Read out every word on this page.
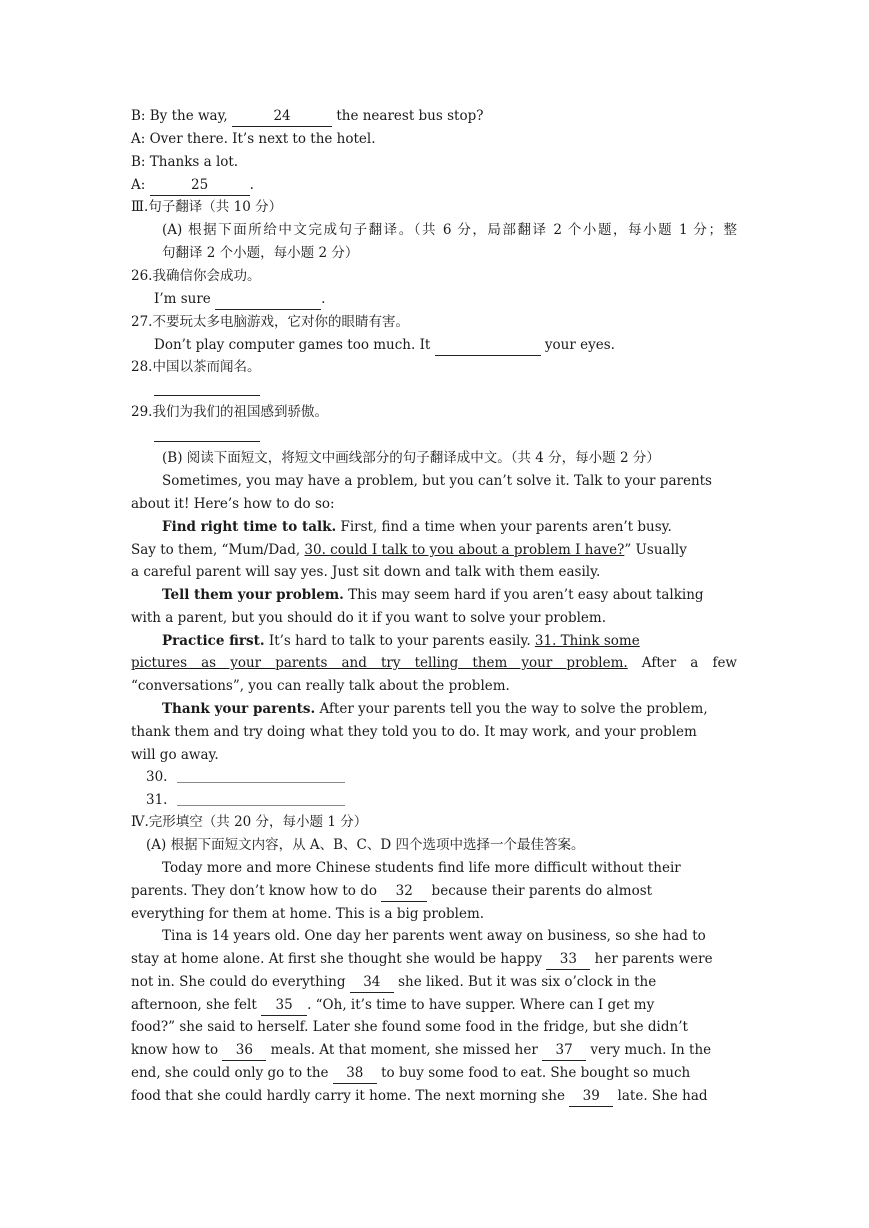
B: By the way,	24	the nearest bus stop?
A: Over there. It’s next to the hotel.
B: Thanks a lot.
A:	25	.
Ⅲ.句子翻译（共 10 分）
(A) 根据下面所给中文完成句子翻译。（共 6 分，局部翻译 2 个小题，每小题 1 分；整
句翻译 2 个小题，每小题 2 分）
26.我确信你会成功。
I’m sure	.
27.不要玩太多电脑游戏，它对你的眼睛有害。
Don’t play computer games too much. It	your eyes.
28.中国以茶而闻名。
29.我们为我们的祖国感到骄傲。
(B) 阅读下面短文，将短文中画线部分的句子翻译成中文。（共 4 分，每小题 2 分）
Sometimes, you may have a problem, but you can’t solve it. Talk to your parents
about it! Here’s how to do so:
Find right time to talk. First, find a time when your parents aren’t busy.
Say to them, “Mum/Dad, 30. could I talk to you about a problem I have?” Usually
a careful parent will say yes. Just sit down and talk with them easily.
Tell them your problem. This may seem hard if you aren’t easy about talking
with a parent, but you should do it if you want to solve your problem.
Practice first. It’s hard to talk to your parents easily. 31. Think some
pictures as your parents and try telling them your problem. After a few
“conversations”, you can really talk about the problem.
Thank your parents. After your parents tell you the way to solve the problem,
thank them and try doing what they told you to do. It may work, and your problem
will go away.
30.
31.
Ⅳ.完形填空（共 20 分，每小题 1 分）
(A) 根据下面短文内容，从 A、B、C、D 四个选项中选择一个最佳答案。
Today more and more Chinese students find life more difficult without their
parents. They don’t know how to do 32 because their parents do almost
everything for them at home. This is a big problem.
Tina is 14 years old. One day her parents went away on business, so she had to
stay at home alone. At first she thought she would be happy 33 her parents were
not in. She could do everything 34 she liked. But it was six o’clock in the
afternoon, she felt 35 . “Oh, it’s time to have supper. Where can I get my
food?” she said to herself. Later she found some food in the fridge, but she didn’t
know how to 36 meals. At that moment, she missed her 37 very much. In the
end, she could only go to the 38 to buy some food to eat. She bought so much
food that she could hardly carry it home. The next morning she 39 late. She had
